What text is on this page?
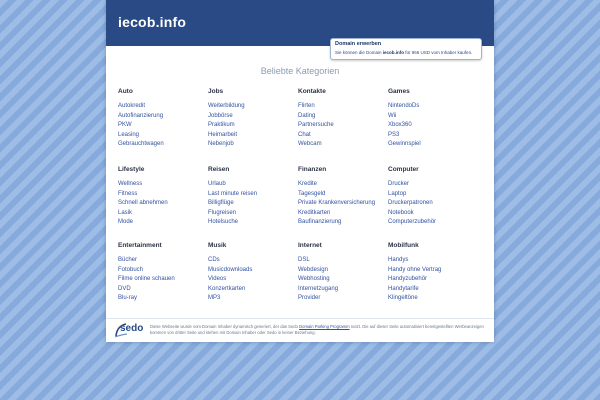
iecob.info
Domain erwerben
Sie können die Domain iecob.info für 966 USD vom Inhaber kaufen.
Beliebte Kategorien
Auto
Autokredit
Autofinanzierung
PKW
Leasing
Gebrauchtwagen
Jobs
Weiterbildung
Jobbörse
Praktikum
Heimarbeit
Nebenjob
Kontakte
Flirten
Dating
Partnersuche
Chat
Webcam
Games
NintendoDs
Wii
Xbox360
PS3
Gewinnspiel
Lifestyle
Wellness
Fitness
Schnell abnehmen
Lasik
Mode
Reisen
Urlaub
Last minute reisen
Billigflüge
Flugreisen
Hotelsuche
Finanzen
Kredite
Tagesgeld
Private Krankenversicherung
Kreditkarten
Baufinanzierung
Computer
Drucker
Laptop
Druckerpatronen
Notebook
Computerzubehör
Entertainment
Bücher
Fotobuch
Filme online schauen
DVD
Blu-ray
Musik
CDs
Musicdownloads
Videos
Konzertkarten
MP3
Internet
DSL
Webdesign
Webhosting
Internetzugang
Provider
Mobilfunk
Handys
Handy ohne Vertrag
Handyzubehör
Handytarife
Klingeltöne
sedo Diese Webseite wurde vom Domain Inhaber dynamisch generiert, der das Sedo Domain Parking Programm nutzt. Die auf dieser Seite automatisiert bereitgestellten Werbeanzeigen kommen von dritter Seite und stehen mit Domain Inhaber oder Sedo in keiner Beziehung.
